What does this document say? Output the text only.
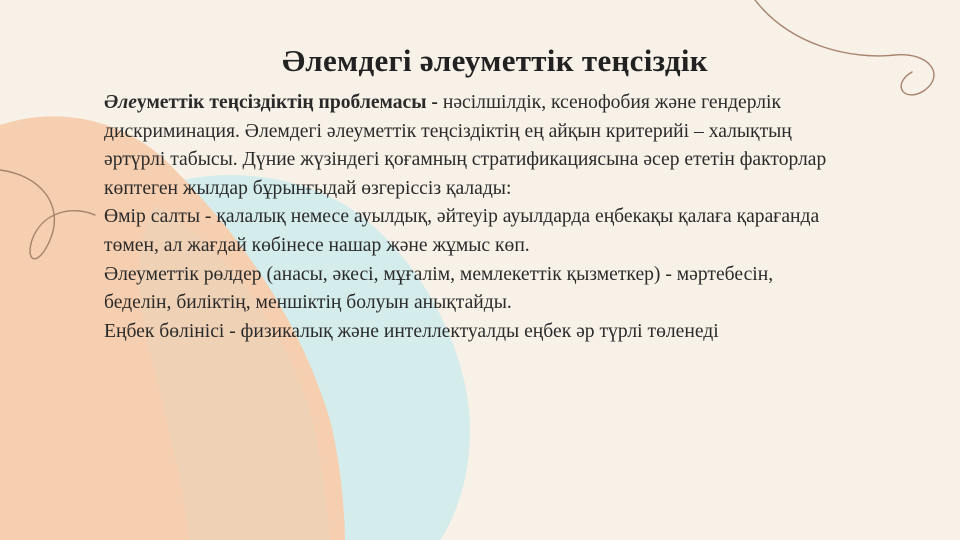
Әлемдегі әлеуметтік теңсіздік

Әлеуметтік теңсіздіктің проблемасы - нәсілшілдік, ксенофобия және гендерлік дискриминация. Әлемдегі әлеуметтік теңсіздіктің ең айқын критерийі – халықтың әртүрлі табысы. Дүние жүзіндегі қоғамның стратификациясына әсер ететін факторлар көптеген жылдар бұрынғыдай өзгеріссіз қалады:

Өмір салты - қалалық немесе ауылдық, әйтеуір ауылдарда еңбекақы қалаға қарағанда төмен, ал жағдай көбінесе нашар және жұмыс көп.

Әлеуметтік рөлдер (анасы, әкесі, мұғалім, мемлекеттік қызметкер) - мәртебесін, беделін, биліктің, меншіктің болуын анықтайды.

Еңбек бөлінісі - физикалық және интеллектуалды еңбек әр түрлі төленеді
